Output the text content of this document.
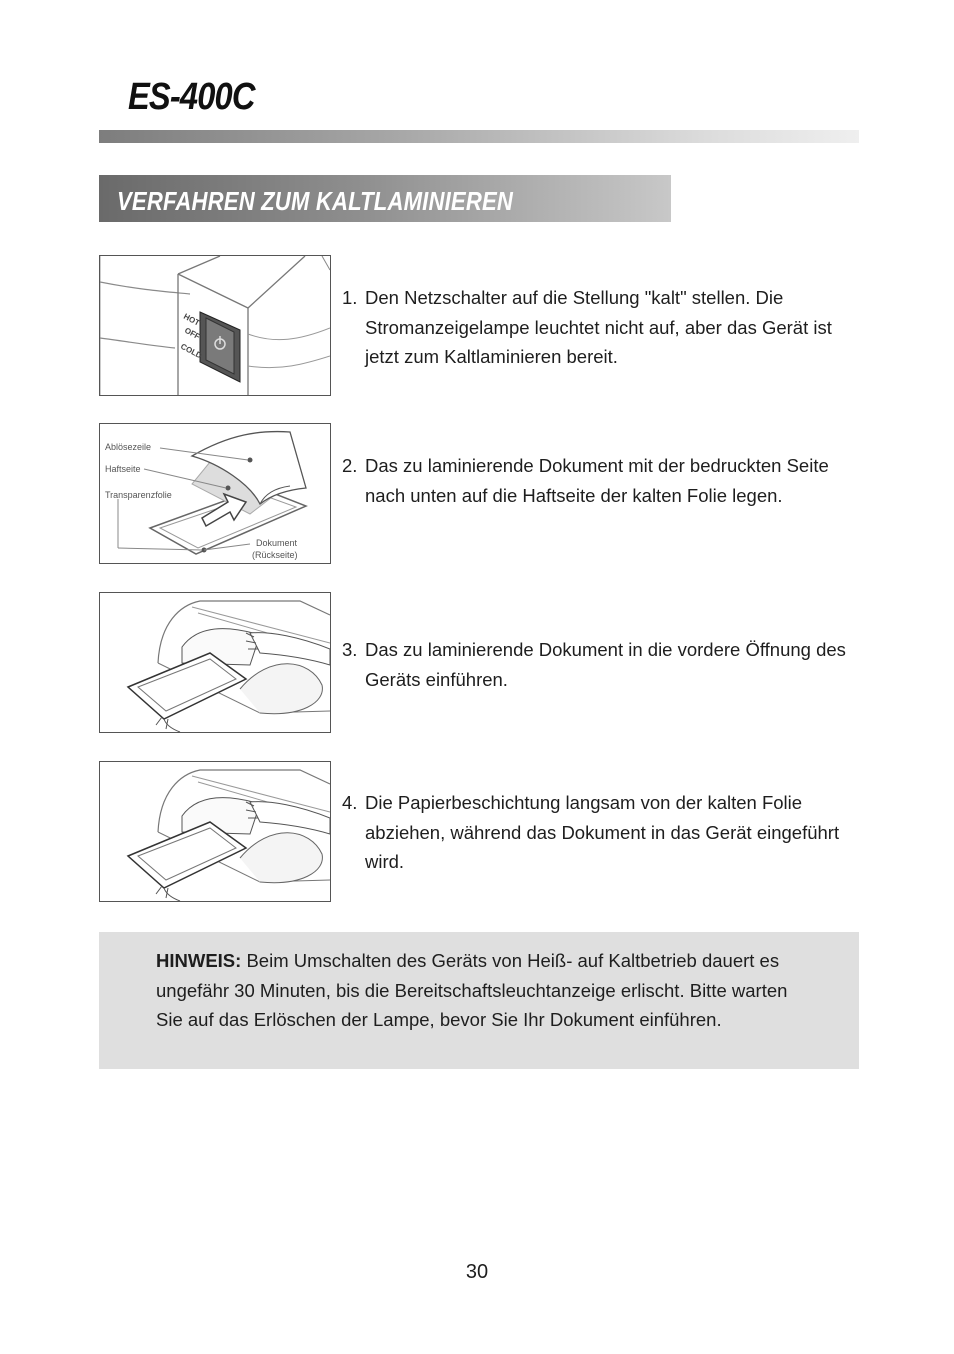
ES-400C
VERFAHREN ZUM KALTLAMINIEREN
HOT
OFF
COLD
1. Den Netzschalter auf die Stellung "kalt" stellen. Die Stromanzeigelampe leuchtet nicht auf, aber das Gerät ist jetzt zum Kaltlaminieren bereit.
Ablösezeile
Haftseite
Transparenzfolie
Dokument
(Rückseite)
2. Das zu laminierende Dokument mit der bedruckten Seite nach unten auf die Haftseite der kalten Folie legen.
3. Das zu laminierende Dokument in die vordere Öffnung des Geräts einführen.
4. Die Papierbeschichtung langsam von der kalten Folie abziehen, während das Dokument in das Gerät eingeführt wird.
HINWEIS: Beim Umschalten des Geräts von Heiß- auf Kaltbetrieb dauert es ungefähr 30 Minuten, bis die Bereitschaftsleuchtanzeige erlischt. Bitte warten Sie auf das Erlöschen der Lampe, bevor Sie Ihr Dokument einführen.
30
